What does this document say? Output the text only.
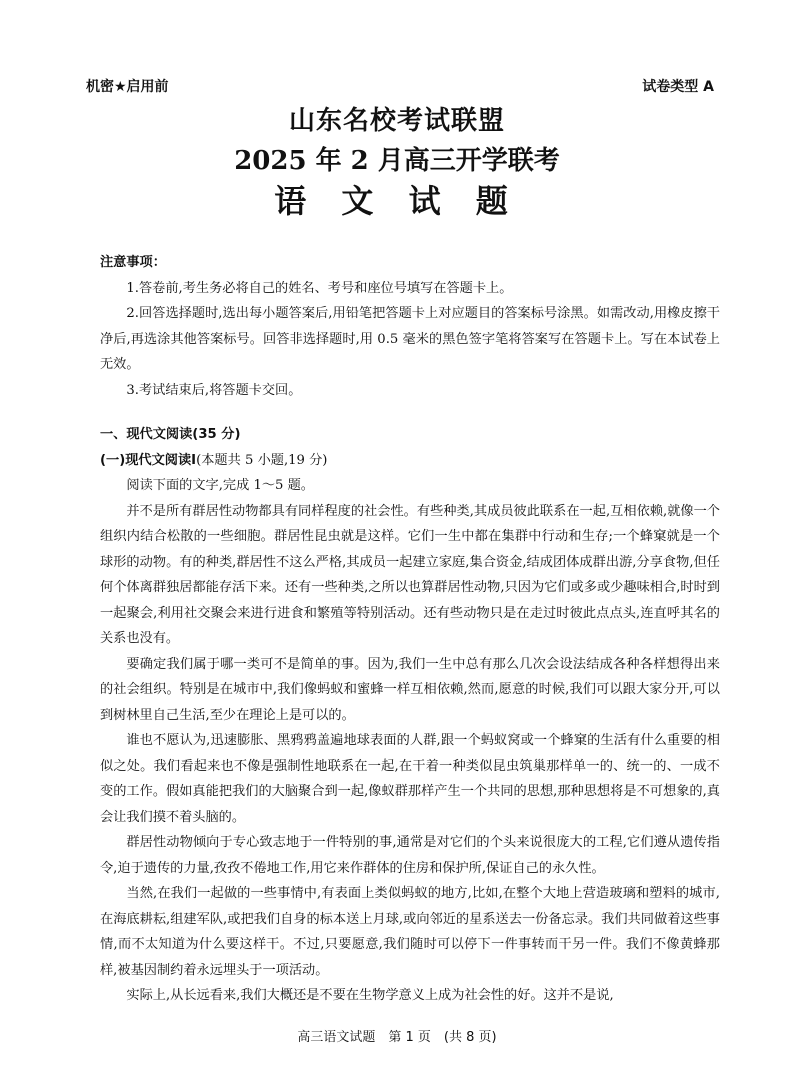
机密★启用前	试卷类型 A
山东名校考试联盟
2025 年 2 月高三开学联考
语 文 试 题

注意事项：

1.答卷前,考生务必将自己的姓名、考号和座位号填写在答题卡上。

2.回答选择题时,选出每小题答案后,用铅笔把答题卡上对应题目的答案标号涂黑。如需改动,用橡皮擦干净后,再选涂其他答案标号。回答非选择题时,用 0.5 毫米的黑色签字笔将答案写在答题卡上。写在本试卷上无效。

3.考试结束后,将答题卡交回。

一、现代文阅读(35 分)

(一)现代文阅读Ⅰ(本题共 5 小题,19 分)

阅读下面的文字,完成 1～5 题。

并不是所有群居性动物都具有同样程度的社会性。有些种类,其成员彼此联系在一起,互相依赖,就像一个组织内结合松散的一些细胞。群居性昆虫就是这样。它们一生中都在集群中行动和生存;一个蜂窠就是一个球形的动物。有的种类,群居性不这么严格,其成员一起建立家庭,集合资金,结成团体成群出游,分享食物,但任何个体离群独居都能存活下来。还有一些种类,之所以也算群居性动物,只因为它们或多或少趣味相合,时时到一起聚会,利用社交聚会来进行进食和繁殖等特别活动。还有些动物只是在走过时彼此点点头,连直呼其名的关系也没有。

要确定我们属于哪一类可不是简单的事。因为,我们一生中总有那么几次会设法结成各种各样想得出来的社会组织。特别是在城市中,我们像蚂蚁和蜜蜂一样互相依赖,然而,愿意的时候,我们可以跟大家分开,可以到树林里自己生活,至少在理论上是可以的。

谁也不愿认为,迅速膨胀、黑鸦鸦盖遍地球表面的人群,跟一个蚂蚁窝或一个蜂窠的生活有什么重要的相似之处。我们看起来也不像是强制性地联系在一起,在干着一种类似昆虫筑巢那样单一的、统一的、一成不变的工作。假如真能把我们的大脑聚合到一起,像蚁群那样产生一个共同的思想,那种思想将是不可想象的,真会让我们摸不着头脑的。

群居性动物倾向于专心致志地于一件特别的事,通常是对它们的个头来说很庞大的工程,它们遵从遗传指令,迫于遗传的力量,孜孜不倦地工作,用它来作群体的住房和保护所,保证自己的永久性。

当然,在我们一起做的一些事情中,有表面上类似蚂蚁的地方,比如,在整个大地上营造玻璃和塑料的城市,在海底耕耘,组建军队,或把我们自身的标本送上月球,或向邻近的星系送去一份备忘录。我们共同做着这些事情,而不太知道为什么要这样干。不过,只要愿意,我们随时可以停下一件事转而干另一件。我们不像黄蜂那样,被基因制约着永远埋头于一项活动。

实际上,从长远看来,我们大概还是不要在生物学意义上成为社会性的好。这并不是说,

高三语文试题　第 1 页　(共 8 页)
